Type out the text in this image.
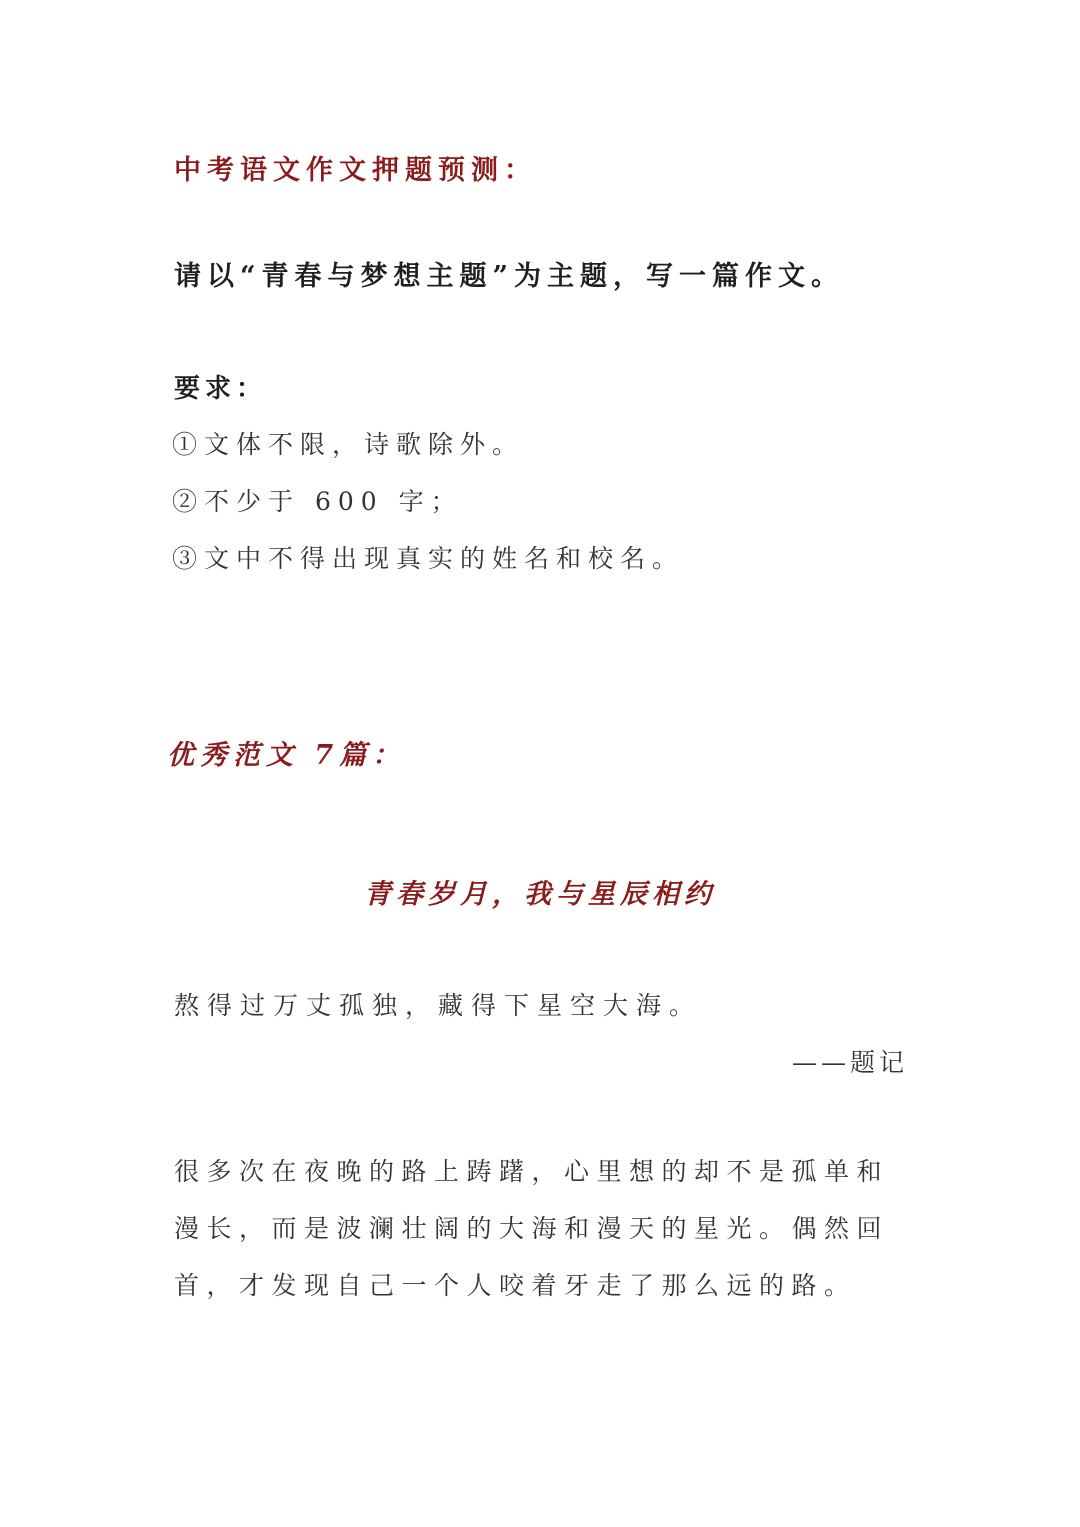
中考语文作文押题预测：
请以“青春与梦想主题”为主题，写一篇作文。
要求：
①文体不限，诗歌除外。
②不少于 600 字；
③文中不得出现真实的姓名和校名。
优秀范文 7篇：
青春岁月，我与星辰相约
熬得过万丈孤独，藏得下星空大海。
——题记

很多次在夜晚的路上踌躇，心里想的却不是孤单和漫长，而是波澜壮阔的大海和漫天的星光。偶然回首，才发现自己一个人咬着牙走了那么远的路。
